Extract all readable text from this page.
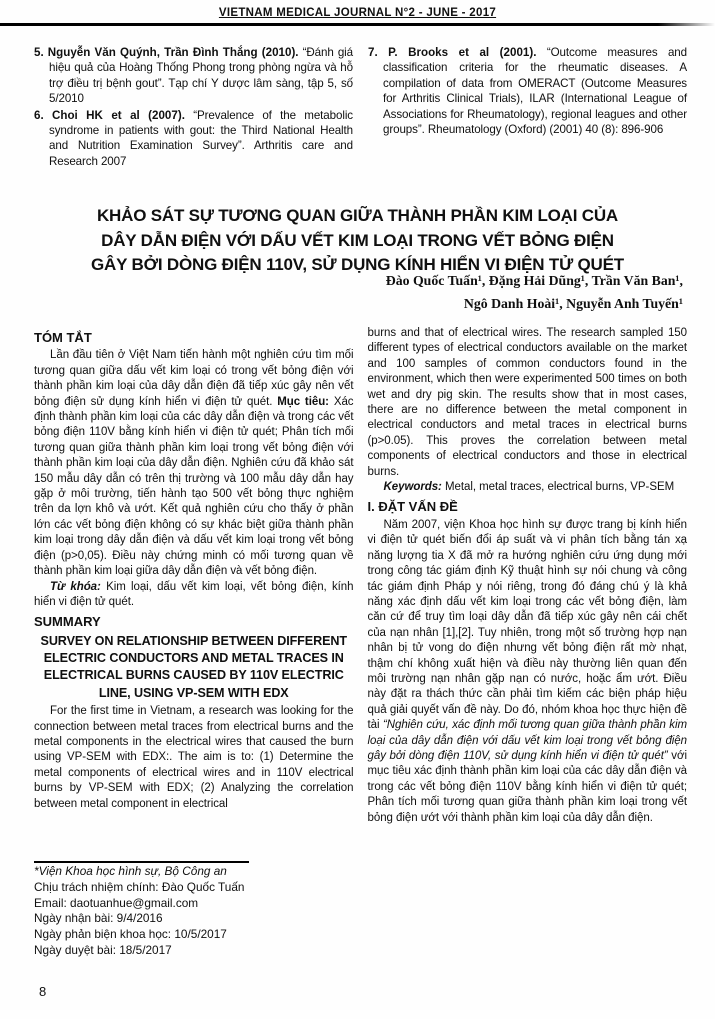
VIETNAM MEDICAL JOURNAL N°2 - JUNE - 2017

5. Nguyễn Văn Quýnh, Trần Đình Thắng (2010). “Đánh giá hiệu quả của Hoàng Thống Phong trong phòng ngừa và hỗ trợ điều trị bệnh gout”. Tạp chí Y dược lâm sàng, tập 5, số 5/2010

6. Choi HK et al (2007). “Prevalence of the metabolic syndrome in patients with gout: the Third National Health and Nutrition Examination Survey”. Arthritis care and Research 2007

7. P. Brooks et al (2001). “Outcome measures and classification criteria for the rheumatic diseases. A compilation of data from OMERACT (Outcome Measures for Arthritis Clinical Trials), ILAR (International League of Associations for Rheumatology), regional leagues and other groups”. Rheumatology (Oxford) (2001) 40 (8): 896-906

KHẢO SÁT SỰ TƯƠNG QUAN GIỮA THÀNH PHẦN KIM LOẠI CỦA
DÂY DẪN ĐIỆN VỚI DẤU VẾT KIM LOẠI TRONG VẾT BỎNG ĐIỆN
GÂY BỞI DÒNG ĐIỆN 110V, SỬ DỤNG KÍNH HIỂN VI ĐIỆN TỬ QUÉT
Đào Quốc Tuấn¹, Đặng Hải Dũng¹, Trần Văn Ban¹,
Ngô Danh Hoài¹, Nguyễn Anh Tuyến¹
TÓM TẮT

Lần đầu tiên ở Việt Nam tiến hành một nghiên cứu tìm mối tương quan giữa dấu vết kim loại có trong vết bỏng điện với thành phần kim loại của dây dẫn điện đã tiếp xúc gây nên vết bỏng điện sử dụng kính hiển vi điện tử quét. Mục tiêu: Xác định thành phần kim loại của các dây dẫn điện và trong các vết bỏng điện 110V bằng kính hiển vi điện tử quét; Phân tích mối tương quan giữa thành phần kim loại trong vết bỏng điện với thành phần kim loại của dây dẫn điện. Nghiên cứu đã khảo sát 150 mẫu dây dẫn có trên thị trường và 100 mẫu dây dẫn hay gặp ở môi trường, tiến hành tạo 500 vết bỏng thực nghiệm trên da lợn khô và ướt. Kết quả nghiên cứu cho thấy ở phần lớn các vết bỏng điện không có sự khác biệt giữa thành phần kim loại trong dây dẫn điện và dấu vết kim loại trong vết bỏng điện (p>0,05). Điều này chứng minh có mối tương quan về thành phần kim loại giữa dây dẫn điện và vết bỏng điện.

Từ khóa: Kim loại, dấu vết kim loại, vết bỏng điện, kính hiển vi điện tử quét.

SUMMARY

SURVEY ON RELATIONSHIP BETWEEN DIFFERENT ELECTRIC CONDUCTORS AND METAL TRACES IN ELECTRICAL BURNS CAUSED BY 110V ELECTRIC LINE, USING VP-SEM WITH EDX

For the first time in Vietnam, a research was looking for the connection between metal traces from electrical burns and the metal components in the electrical wires that caused the burn using VP-SEM with EDX:. The aim is to: (1) Determine the metal components of electrical wires and in 110V electrical burns by VP-SEM with EDX; (2) Analyzing the correlation between metal component in electrical

burns and that of electrical wires. The research sampled 150 different types of electrical conductors available on the market and 100 samples of common conductors found in the environment, which then were experimented 500 times on both wet and dry pig skin. The results show that in most cases, there are no difference between the metal component in electrical conductors and metal traces in electrical burns (p>0.05). This proves the correlation between metal components of electrical conductors and those in electrical burns.

Keywords: Metal, metal traces, electrical burns, VP-SEM

I. ĐẶT VẤN ĐỀ

Năm 2007, viện Khoa học hình sự được trang bị kính hiển vi điện tử quét biến đổi áp suất và vi phân tích bằng tán xạ năng lượng tia X đã mở ra hướng nghiên cứu ứng dụng mới trong công tác giám định Kỹ thuật hình sự nói chung và công tác giám định Pháp y nói riêng, trong đó đáng chú ý là khả năng xác định dấu vết kim loại trong các vết bỏng điện, làm căn cứ để truy tìm loại dây dẫn đã tiếp xúc gây nên cái chết của nạn nhân [1],[2]. Tuy nhiên, trong một số trường hợp nạn nhân bị tử vong do điện nhưng vết bỏng điện rất mờ nhạt, thậm chí không xuất hiện và điều này thường liên quan đến môi trường nạn nhân gặp nạn có nước, hoặc ẩm ướt. Điều này đặt ra thách thức cần phải tìm kiếm các biện pháp hiệu quả giải quyết vấn đề này. Do đó, nhóm khoa học thực hiện đề tài “Nghiên cứu, xác định mối tương quan giữa thành phần kim loại của dây dẫn điện với dấu vết kim loại trong vết bỏng điện gây bởi dòng điện 110V, sử dụng kính hiển vi điện tử quét” với mục tiêu xác định thành phần kim loại của các dây dẫn điện và trong các vết bỏng điện 110V bằng kính hiển vi điện tử quét; Phân tích mối tương quan giữa thành phần kim loại trong vết bỏng điện ướt với thành phần kim loại của dây dẫn điện.

*Viện Khoa học hình sự, Bộ Công an
Chịu trách nhiệm chính: Đào Quốc Tuấn
Email: daotuanhue@gmail.com
Ngày nhận bài: 9/4/2016
Ngày phản biện khoa học: 10/5/2017
Ngày duyệt bài: 18/5/2017
8
